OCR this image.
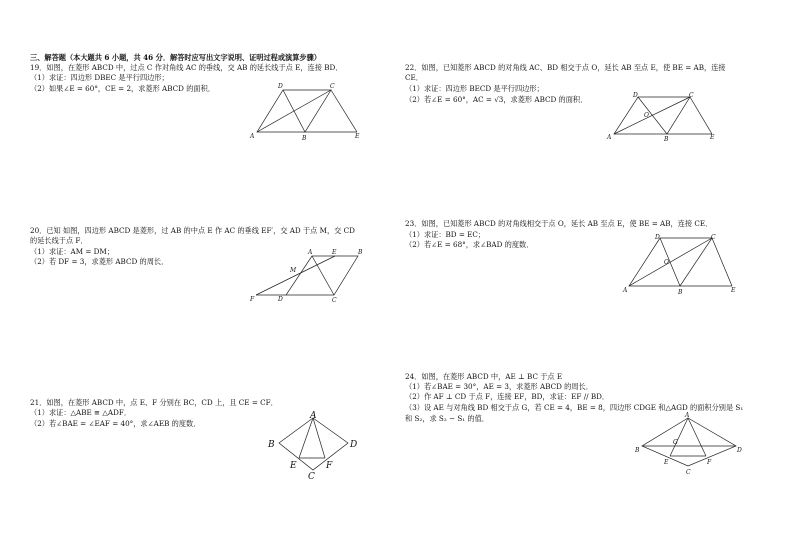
三、解答题（本大题共 6 小题，共 46 分．解答时应写出文字说明、证明过程或演算步骤）
19．如图，在菱形 ABCD 中，过点 C 作对角线 AC 的垂线，交 AB 的延长线于点 E，连接 BD．
（1）求证：四边形 DBEC 是平行四边形；
（2）如果∠E = 60°，CE = 2，求菱形 ABCD 的面积．	D	C
A	B	E
20．已知 如图，四边形 ABCD 是菱形，过 AB 的中点 E 作 AC 的垂线 EF′，交 AD 于点 M，交 CD
的延长线于点 F．
（1）求证：AM = DM；
（2）若 DF = 3，求菱形 ABCD 的周长．
A	E	B
M
F	D	C
21．如图，在菱形 ABCD 中，点 E、F 分别在 BC，CD 上，且 CE = CF．
（1）求证：△ABE ≅ △ADF．
（2）若∠BAE = ∠EAF = 40°，求∠AEB 的度数．
A
B	D
E	F
C
22．如图，已知菱形 ABCD 的对角线 AC、BD 相交于点 O，延长 AB 至点 E，使 BE = AB，连接
CE．
（1）求证：四边形 BECD 是平行四边形；
（2）若∠E = 60°，AC = √3，求菱形 ABCD 的面积．	D	C
O
A	B	E
23．如图，已知菱形 ABCD 的对角线相交于点 O，延长 AB 至点 E，使 BE = AB，连接 CE．
（1）求证：BD = EC；
（2）若∠E = 68°，求∠BAD 的度数．
D	C
O
A	B	E
24．如图，在菱形 ABCD 中，AE ⊥ BC 于点 E
（1）若∠BAE = 30°，AE = 3，求菱形 ABCD 的周长．
（2）作 AF ⊥ CD 于点 F，连接 EF，BD，求证：EF // BD．
（3）设 AE 与对角线 BD 相交于点 G，若 CE = 4，BE = 8，四边形 CDGE 和△AGD 的面积分别是 S₁
和 S₂，求 S₂ − S₁ 的值．	A
G
B	D
E	F
C
